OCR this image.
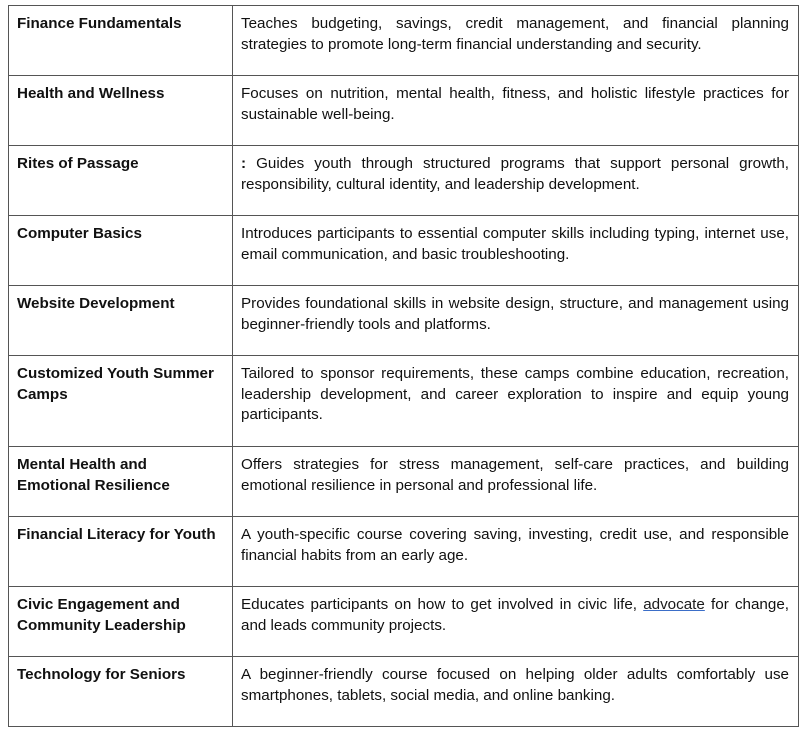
Finance Fundamentals	Teaches budgeting, savings, credit management, and financial planning strategies to promote long-term financial understanding and security.
Health and Wellness	Focuses on nutrition, mental health, fitness, and holistic lifestyle practices for sustainable well-being.
Rites of Passage	: Guides youth through structured programs that support personal growth, responsibility, cultural identity, and leadership development.
Computer Basics	Introduces participants to essential computer skills including typing, internet use, email communication, and basic troubleshooting.
Website Development	Provides foundational skills in website design, structure, and management using beginner-friendly tools and platforms.
Customized Youth Summer Camps	Tailored to sponsor requirements, these camps combine education, recreation, leadership development, and career exploration to inspire and equip young participants.
Mental Health and Emotional Resilience	Offers strategies for stress management, self-care practices, and building emotional resilience in personal and professional life.
Financial Literacy for Youth	A youth-specific course covering saving, investing, credit use, and responsible financial habits from an early age.
Civic Engagement and Community Leadership	Educates participants on how to get involved in civic life, advocate for change, and leads community projects.
Technology for Seniors	A beginner-friendly course focused on helping older adults comfortably use smartphones, tablets, social media, and online banking.
